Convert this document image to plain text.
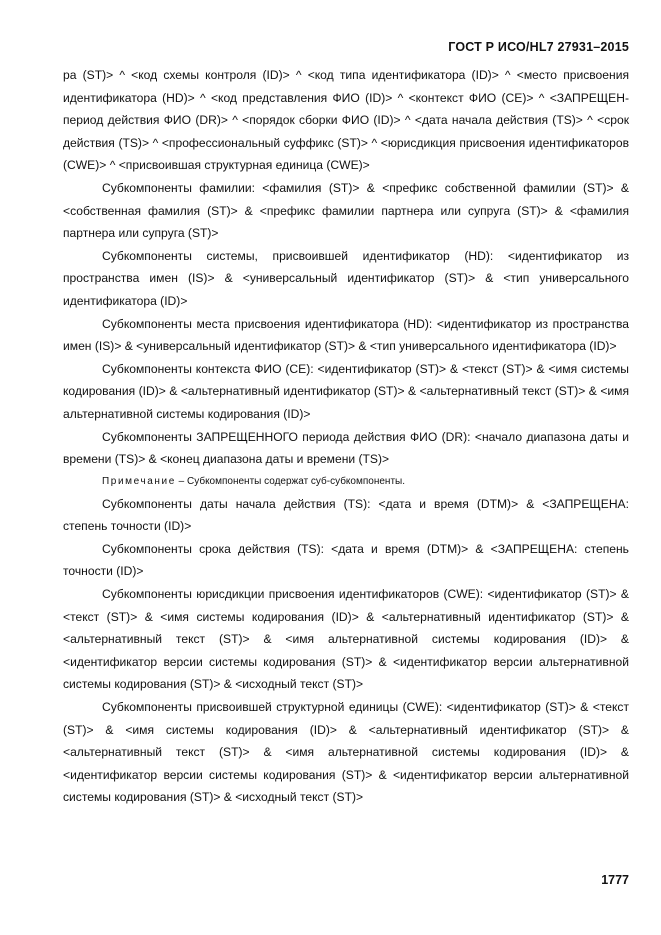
ГОСТ Р ИСО/HL7 27931–2015

ра (ST)> ^ <код схемы контроля (ID)> ^ <код типа идентификатора (ID)> ^ <место присвоения идентификатора (HD)> ^ <код представления ФИО (ID)> ^ <контекст ФИО (CE)> ^ <ЗАПРЕЩЕН-период действия ФИО (DR)> ^ <порядок сборки ФИО (ID)> ^ <дата начала действия (TS)> ^ <срок действия (TS)> ^ <профессиональный суффикс (ST)> ^ <юрисдикция присвоения идентификаторов (CWE)> ^ <присвоившая структурная единица (CWE)>

Субкомпоненты фамилии: <фамилия (ST)> & <префикс собственной фамилии (ST)> & <собственная фамилия (ST)> & <префикс фамилии партнера или супруга (ST)> & <фамилия партнера или супруга (ST)>

Субкомпоненты системы, присвоившей идентификатор (HD): <идентификатор из пространства имен (IS)> & <универсальный идентификатор (ST)> & <тип универсального идентификатора (ID)>

Субкомпоненты места присвоения идентификатора (HD): <идентификатор из пространства имен (IS)> & <универсальный идентификатор (ST)> & <тип универсального идентификатора (ID)>

Субкомпоненты контекста ФИО (CE): <идентификатор (ST)> & <текст (ST)> & <имя системы кодирования (ID)> & <альтернативный идентификатор (ST)> & <альтернативный текст (ST)> & <имя альтернативной системы кодирования (ID)>

Субкомпоненты ЗАПРЕЩЕННОГО периода действия ФИО (DR): <начало диапазона даты и времени (TS)> & <конец диапазона даты и времени (TS)>

Примечание – Субкомпоненты содержат суб-субкомпоненты.

Субкомпоненты даты начала действия (TS): <дата и время (DTM)> & <ЗАПРЕЩЕНА: степень точности (ID)>

Субкомпоненты срока действия (TS): <дата и время (DTM)> & <ЗАПРЕЩЕНА: степень точности (ID)>

Субкомпоненты юрисдикции присвоения идентификаторов (CWE): <идентификатор (ST)> & <текст (ST)> & <имя системы кодирования (ID)> & <альтернативный идентификатор (ST)> & <альтернативный текст (ST)> & <имя альтернативной системы кодирования (ID)> & <идентификатор версии системы кодирования (ST)> & <идентификатор версии альтернативной системы кодирования (ST)> & <исходный текст (ST)>

Субкомпоненты присвоившей структурной единицы (CWE): <идентификатор (ST)> & <текст (ST)> & <имя системы кодирования (ID)> & <альтернативный идентификатор (ST)> & <альтернативный текст (ST)> & <имя альтернативной системы кодирования (ID)> & <идентификатор версии системы кодирования (ST)> & <идентификатор версии альтернативной системы кодирования (ST)> & <исходный текст (ST)>

1777
